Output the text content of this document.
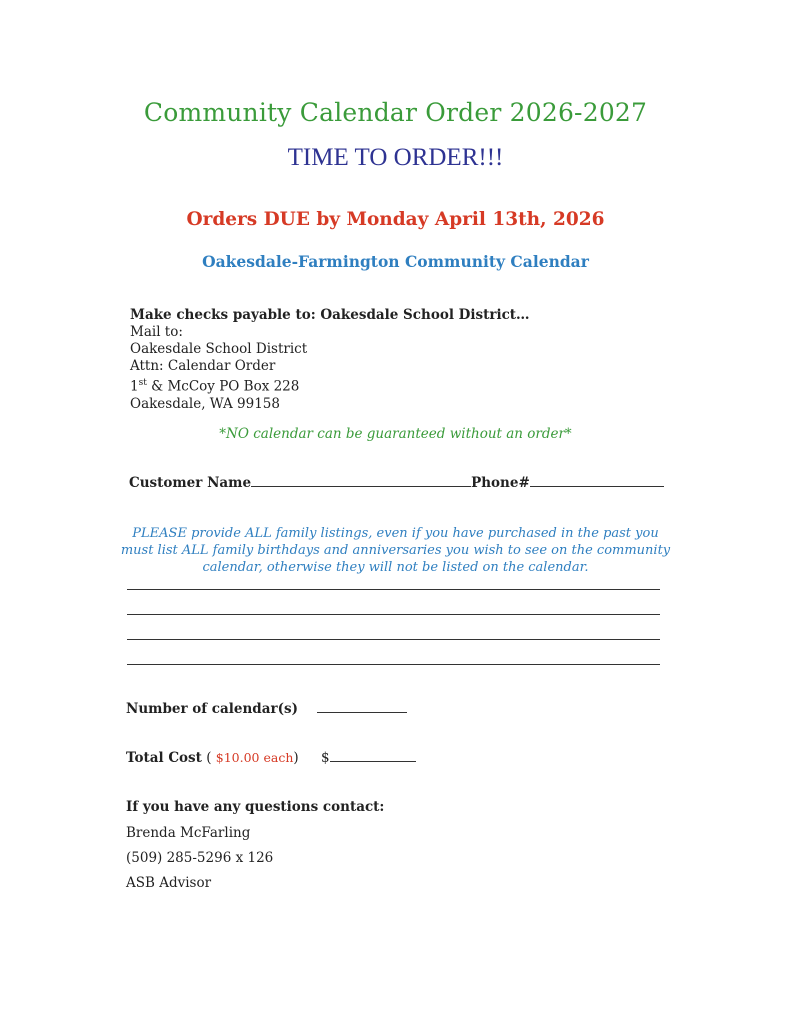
Community Calendar Order 2026-2027
TIME TO ORDER!!!
Orders DUE by Monday April 13th, 2026
Oakesdale-Farmington Community Calendar
Make checks payable to: Oakesdale School District…
Mail to:
Oakesdale School District
Attn: Calendar Order
1st & McCoy PO Box 228
Oakesdale, WA 99158
*NO calendar can be guaranteed without an order*
Customer Name	Phone#
PLEASE provide ALL family listings, even if you have purchased in the past you must list ALL family birthdays and anniversaries you wish to see on the community calendar, otherwise they will not be listed on the calendar.
Number of calendar(s)
Total Cost ( $10.00 each) $
If you have any questions contact:
Brenda McFarling
(509) 285-5296 x 126
ASB Advisor
